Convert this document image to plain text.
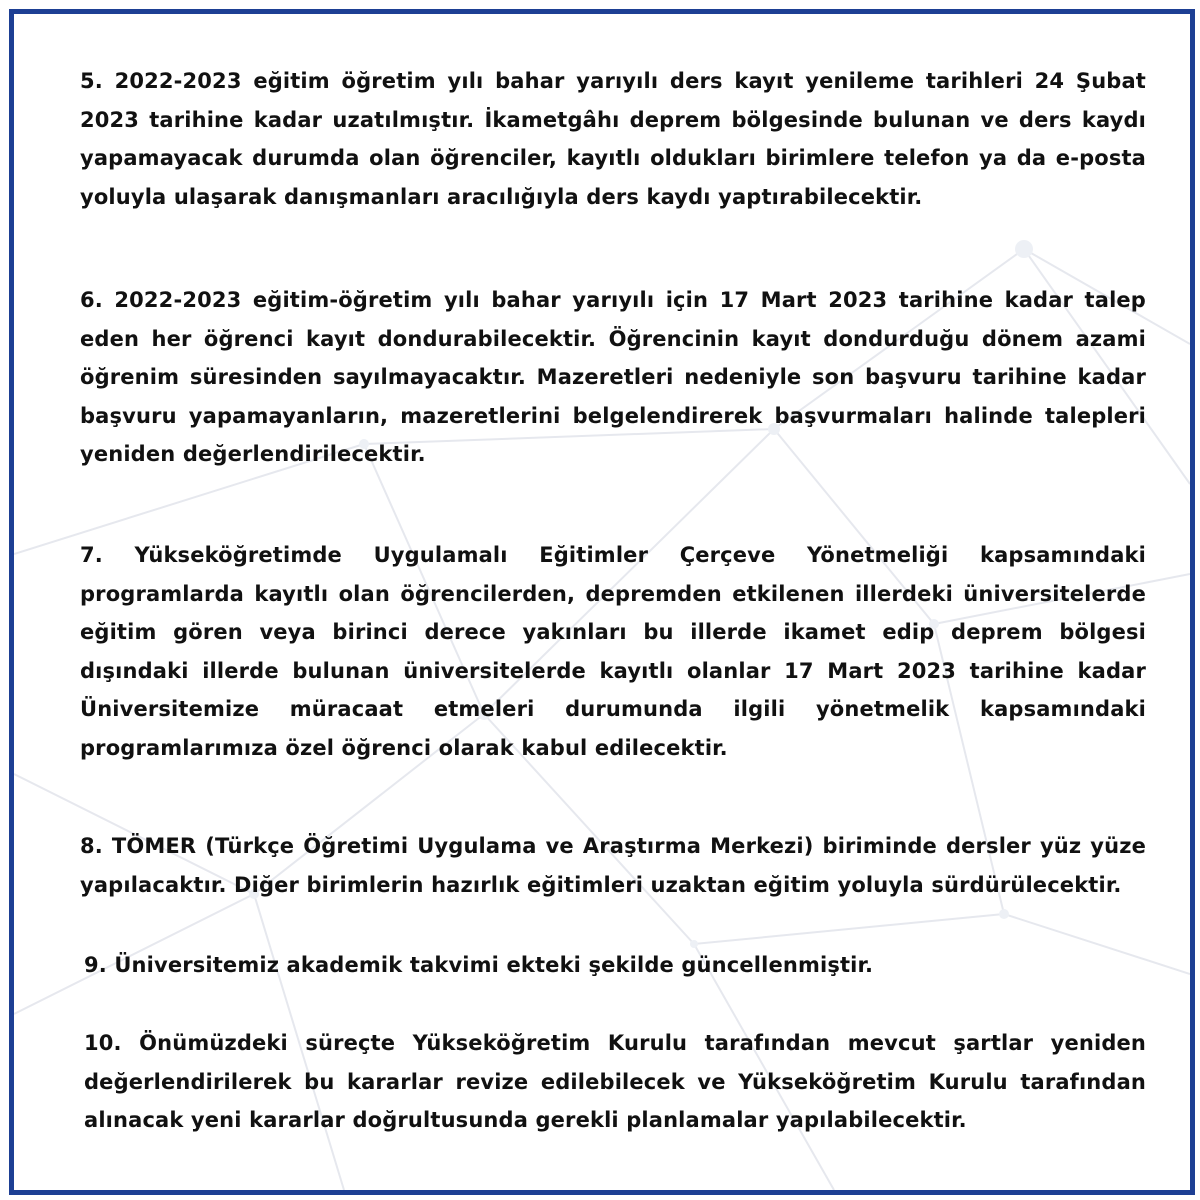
5. 2022-2023 eğitim öğretim yılı bahar yarıyılı ders kayıt yenileme tarihleri 24 Şubat 2023 tarihine kadar uzatılmıştır. İkametgâhı deprem bölgesinde bulunan ve ders kaydı yapamayacak durumda olan öğrenciler, kayıtlı oldukları birimlere telefon ya da e-posta yoluyla ulaşarak danışmanları aracılığıyla ders kaydı yaptırabilecektir.

6. 2022-2023 eğitim-öğretim yılı bahar yarıyılı için 17 Mart 2023 tarihine kadar talep eden her öğrenci kayıt dondurabilecektir. Öğrencinin kayıt dondurduğu dönem azami öğrenim süresinden sayılmayacaktır. Mazeretleri nedeniyle son başvuru tarihine kadar başvuru yapamayanların, mazeretlerini belgelendirerek başvurmaları halinde talepleri yeniden değerlendirilecektir.

7. Yükseköğretimde Uygulamalı Eğitimler Çerçeve Yönetmeliği kapsamındaki programlarda kayıtlı olan öğrencilerden, depremden etkilenen illerdeki üniversitelerde eğitim gören veya birinci derece yakınları bu illerde ikamet edip deprem bölgesi dışındaki illerde bulunan üniversitelerde kayıtlı olanlar 17 Mart 2023 tarihine kadar Üniversitemize müracaat etmeleri durumunda ilgili yönetmelik kapsamındaki programlarımıza özel öğrenci olarak kabul edilecektir.

8. TÖMER (Türkçe Öğretimi Uygulama ve Araştırma Merkezi) biriminde dersler yüz yüze yapılacaktır. Diğer birimlerin hazırlık eğitimleri uzaktan eğitim yoluyla sürdürülecektir.

9. Üniversitemiz akademik takvimi ekteki şekilde güncellenmiştir.

10. Önümüzdeki süreçte Yükseköğretim Kurulu tarafından mevcut şartlar yeniden değerlendirilerek bu kararlar revize edilebilecek ve Yükseköğretim Kurulu tarafından alınacak yeni kararlar doğrultusunda gerekli planlamalar yapılabilecektir.
